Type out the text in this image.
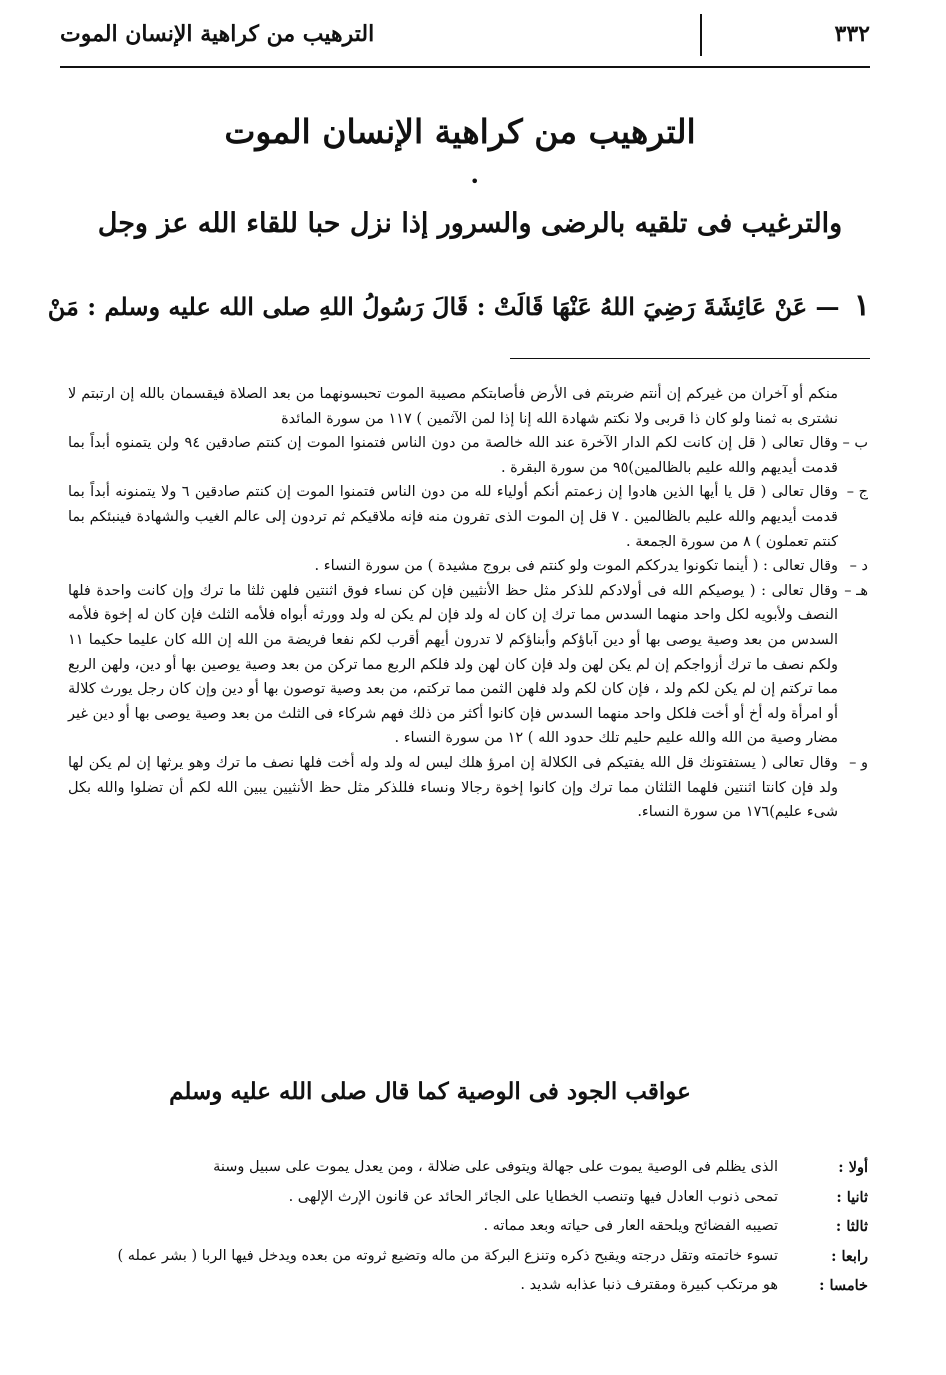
٣٣٢
الترهيب من كراهية الإنسان الموت
الترهيب من كراهية الإنسان الموت
•
والترغيب فى تلقيه بالرضى والسرور إذا نزل حبا للقاء الله عز وجل
١ — عَنْ عَائِشَةَ رَضِيَ اللهُ عَنْهَا قَالَتْ : قَالَ رَسُولُ اللهِ صلى الله عليه وسلم : مَنْ

منكم أو آخران من غيركم إن أنتم ضربتم فى الأرض فأصابتكم مصيبة الموت تحبسونهما من بعد الصلاة فيقسمان بالله إن ارتبتم لا نشترى به ثمنا ولو كان ذا قربى ولا نكتم شهادة الله إنا إذا لمن الآثمين ) ١١٧ من سورة المائدة

ب –
وقال تعالى ( قل إن كانت لكم الدار الآخرة عند الله خالصة من دون الناس فتمنوا الموت إن كنتم صادقين ٩٤ ولن يتمنوه أبداً بما قدمت أيديهم والله عليم بالظالمين)٩٥ من سورة البقرة .
ج –
وقال تعالى ( قل يا أيها الذين هادوا إن زعمتم أنكم أولياء لله من دون الناس فتمنوا الموت إن كنتم صادقين ٦ ولا يتمنونه أبداً بما قدمت أيديهم والله عليم بالظالمين . ٧ قل إن الموت الذى تفرون منه فإنه ملاقيكم ثم تردون إلى عالم الغيب والشهادة فينبئكم بما كنتم تعملون ) ٨ من سورة الجمعة .
د –
وقال تعالى : ( أينما تكونوا يدرككم الموت ولو كنتم فى بروج مشيدة ) من سورة النساء .
هـ –
وقال تعالى : ( يوصيكم الله فى أولادكم للذكر مثل حظ الأنثيين فإن كن نساء فوق اثنتين فلهن ثلثا ما ترك وإن كانت واحدة فلها النصف ولأبويه لكل واحد منهما السدس مما ترك إن كان له ولد فإن لم يكن له ولد وورثه أبواه فلأمه الثلث فإن كان له إخوة فلأمه السدس من بعد وصية يوصى بها أو دين آباؤكم وأبناؤكم لا تدرون أيهم أقرب لكم نفعا فريضة من الله إن الله كان عليما حكيما ١١ ولكم نصف ما ترك أزواجكم إن لم يكن لهن ولد فإن كان لهن ولد فلكم الربع مما تركن من بعد وصية يوصين بها أو دين، ولهن الربع مما تركتم إن لم يكن لكم ولد ، فإن كان لكم ولد فلهن الثمن مما تركتم، من بعد وصية توصون بها أو دين وإن كان رجل يورث كلالة أو امرأة وله أخ أو أخت فلكل واحد منهما السدس فإن كانوا أكثر من ذلك فهم شركاء فى الثلث من بعد وصية يوصى بها أو دين غير مضار وصية من الله والله عليم حليم تلك حدود الله ) ١٢ من سورة النساء .
و –
وقال تعالى ( يستفتونك قل الله يفتيكم فى الكلالة إن امرؤ هلك ليس له ولد وله أخت فلها نصف ما ترك وهو يرثها إن لم يكن لها ولد فإن كانتا اثنتين فلهما الثلثان مما ترك وإن كانوا إخوة رجالا ونساء فللذكر مثل حظ الأنثيين يبين الله لكم أن تضلوا والله بكل شىء عليم)١٧٦ من سورة النساء.
عواقب الجود فى الوصية كما قال صلى الله عليه وسلم
أولا :
الذى يظلم فى الوصية يموت على جهالة ويتوفى على ضلالة ، ومن يعدل يموت على سبيل وسنة
ثانيا :
تمحى ذنوب العادل فيها وتنصب الخطايا على الجائر الحائد عن قانون الإرث الإلهى .
ثالثا :
تصيبه الفضائح ويلحقه العار فى حياته وبعد مماته .
رابعا :
تسوء خاتمته وتقل درجته ويقبح ذكره وتنزع البركة من ماله وتضيع ثروته من بعده ويدخل فيها الربا ( بشر عمله )
خامسا :
هو مرتكب كبيرة ومقترف ذنبا عذابه شديد .
